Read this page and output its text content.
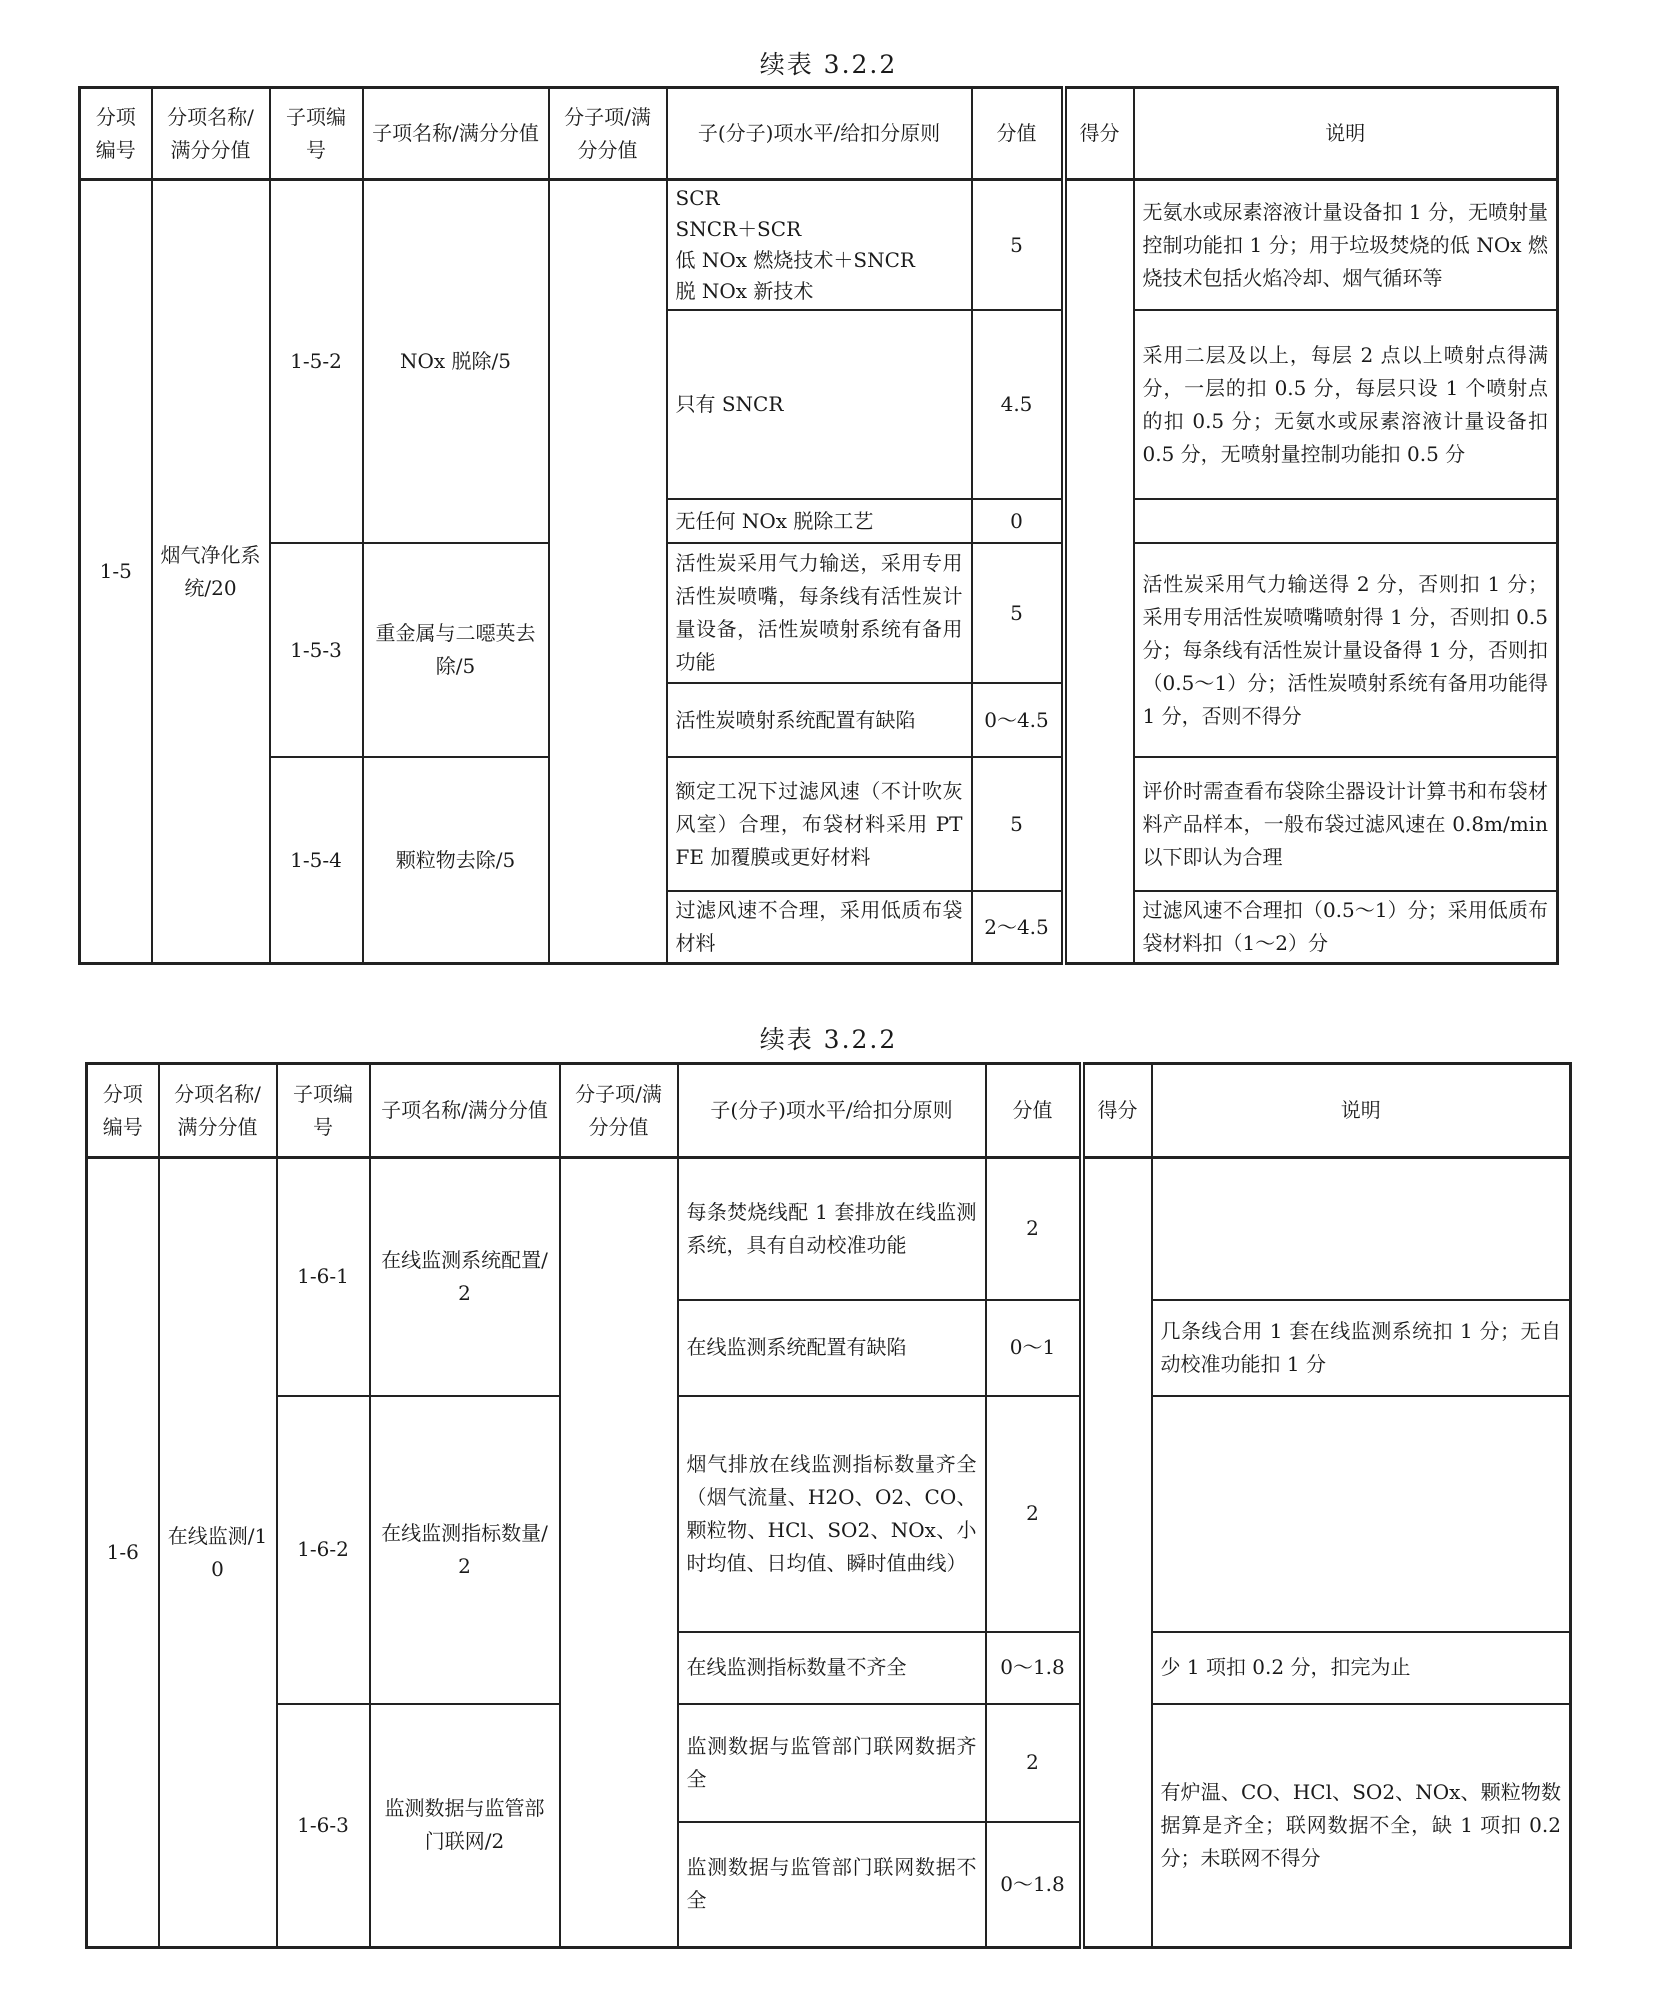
续表 3.2.2
分项编号	分项名称/满分分值	子项编号	子项名称/满分分值	分子项/满分分值	子(分子)项水平/给扣分原则	分值	得分	说明
1-5	烟气净化系统/20	1-5-2	NOx 脱除/5		SCR
SNCR＋SCR
低 NOx 燃烧技术＋SNCR
脱 NOx 新技术	5		无氨水或尿素溶液计量设备扣 1 分，无喷射量控制功能扣 1 分；用于垃圾焚烧的低 NOx 燃烧技术包括火焰冷却、烟气循环等
					只有 SNCR	4.5		采用二层及以上，每层 2 点以上喷射点得满分，一层的扣 0.5 分，每层只设 1 个喷射点的扣 0.5 分；无氨水或尿素溶液计量设备扣 0.5 分，无喷射量控制功能扣 0.5 分
					无任何 NOx 脱除工艺	0		
		1-5-3	重金属与二噁英去除/5		活性炭采用气力输送，采用专用活性炭喷嘴，每条线有活性炭计量设备，活性炭喷射系统有备用功能	5		活性炭采用气力输送得 2 分，否则扣 1 分；采用专用活性炭喷嘴喷射得 1 分，否则扣 0.5 分；每条线有活性炭计量设备得 1 分，否则扣（0.5～1）分；活性炭喷射系统有备用功能得 1 分，否则不得分
					活性炭喷射系统配置有缺陷	0～4.5		
		1-5-4	颗粒物去除/5		额定工况下过滤风速（不计吹灰风室）合理，布袋材料采用 PTFE 加覆膜或更好材料	5		评价时需查看布袋除尘器设计计算书和布袋材料产品样本，一般布袋过滤风速在 0.8m/min 以下即认为合理
					过滤风速不合理，采用低质布袋材料	2～4.5		过滤风速不合理扣（0.5～1）分；采用低质布袋材料扣（1～2）分
续表 3.2.2
分项编号	分项名称/满分分值	子项编号	子项名称/满分分值	分子项/满分分值	子(分子)项水平/给扣分原则	分值	得分	说明
1-6	在线监测/10	1-6-1	在线监测系统配置/2		每条焚烧线配 1 套排放在线监测系统，具有自动校准功能	2		
					在线监测系统配置有缺陷	0～1		几条线合用 1 套在线监测系统扣 1 分；无自动校准功能扣 1 分
		1-6-2	在线监测指标数量/2		烟气排放在线监测指标数量齐全（烟气流量、H2O、O2、CO、颗粒物、HCl、SO2、NOx、小时均值、日均值、瞬时值曲线）	2		
					在线监测指标数量不齐全	0～1.8		少 1 项扣 0.2 分，扣完为止
		1-6-3	监测数据与监管部门联网/2		监测数据与监管部门联网数据齐全	2		有炉温、CO、HCl、SO2、NOx、颗粒物数据算是齐全；联网数据不全，缺 1 项扣 0.2 分；未联网不得分
					监测数据与监管部门联网数据不全	0～1.8		
